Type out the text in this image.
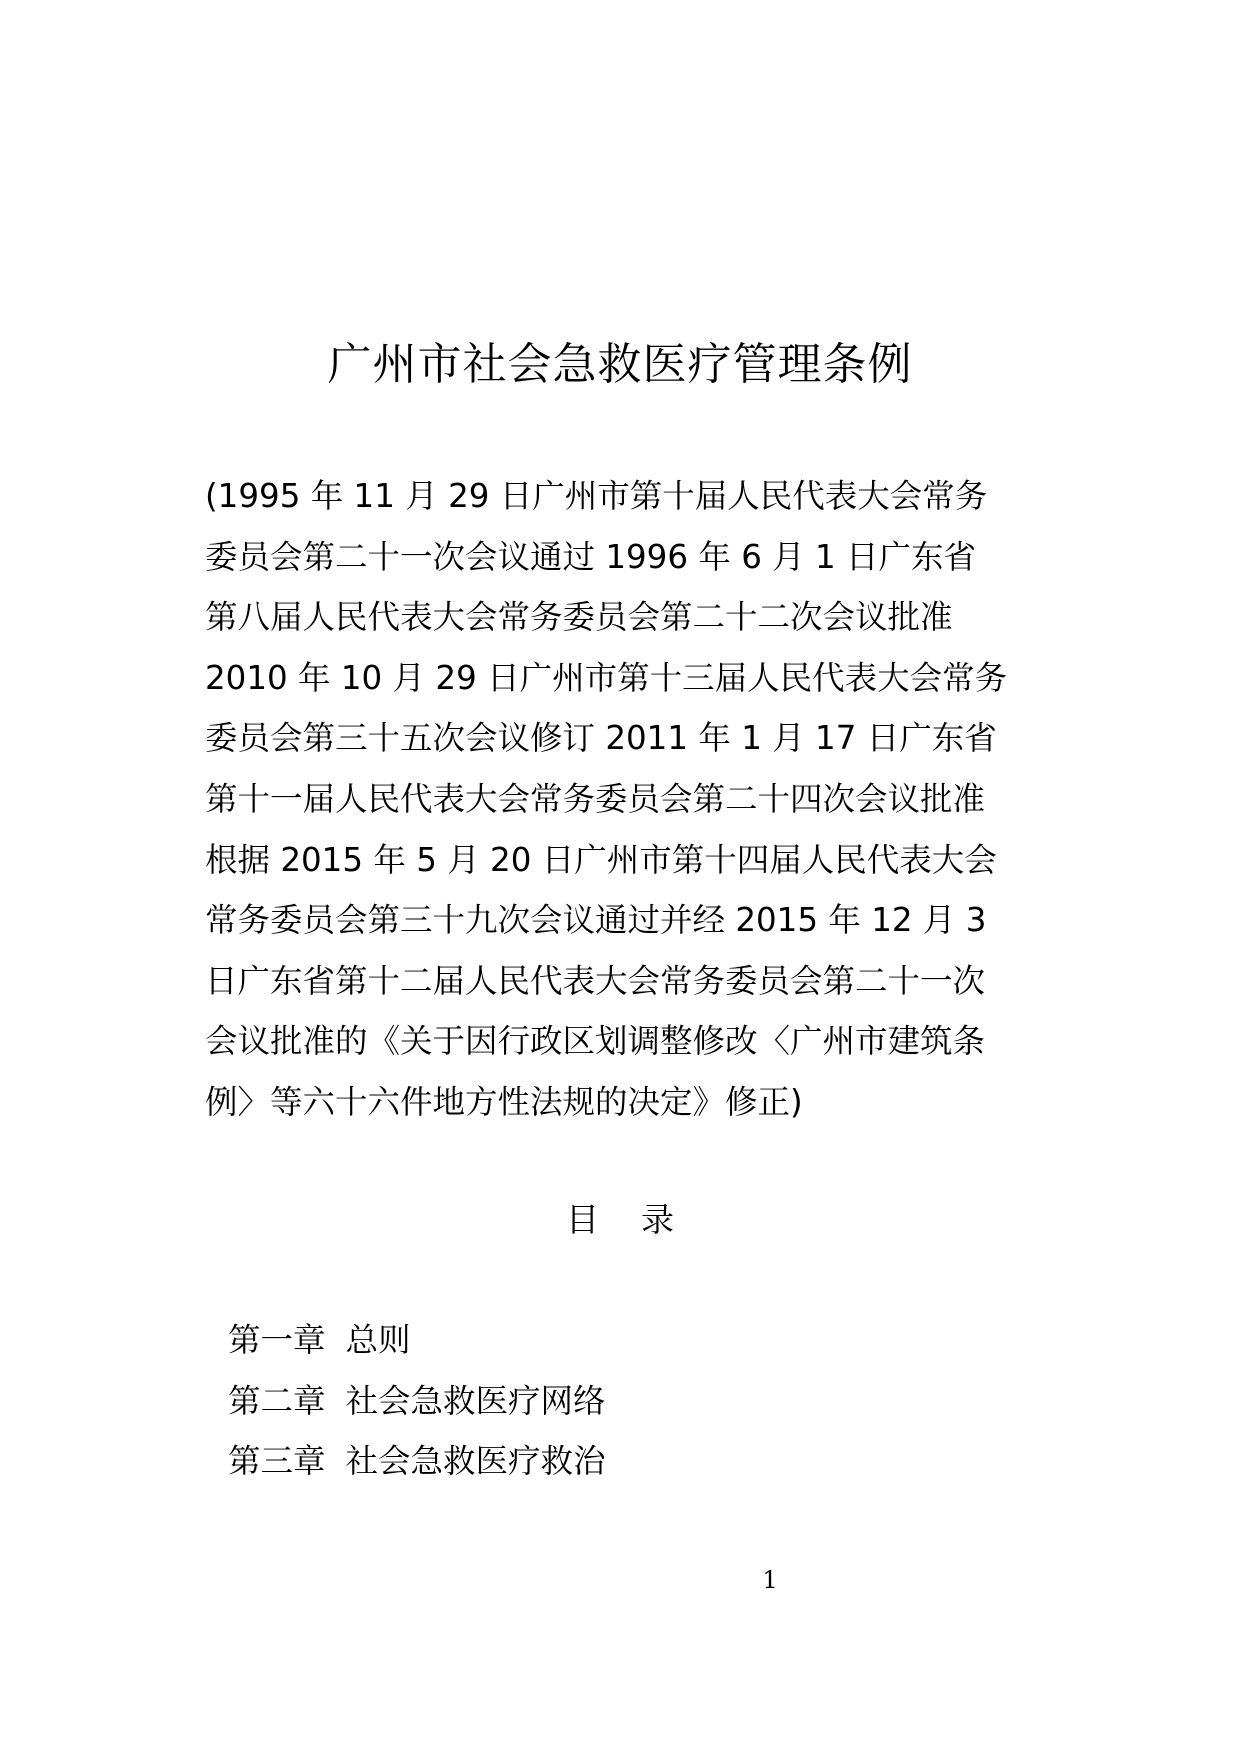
广州市社会急救医疗管理条例
(1995 年 11 月 29 日广州市第十届人民代表大会常务
委员会第二十一次会议通过 1996 年 6 月 1 日广东省
第八届人民代表大会常务委员会第二十二次会议批准
2010 年 10 月 29 日广州市第十三届人民代表大会常务
委员会第三十五次会议修订 2011 年 1 月 17 日广东省
第十一届人民代表大会常务委员会第二十四次会议批准
根据 2015 年 5 月 20 日广州市第十四届人民代表大会
常务委员会第三十九次会议通过并经 2015 年 12 月 3
日广东省第十二届人民代表大会常务委员会第二十一次
会议批准的《关于因行政区划调整修改〈广州市建筑条
例〉等六十六件地方性法规的决定》修正)
目    录
第一章 总则
第二章 社会急救医疗网络
第三章 社会急救医疗救治
1
